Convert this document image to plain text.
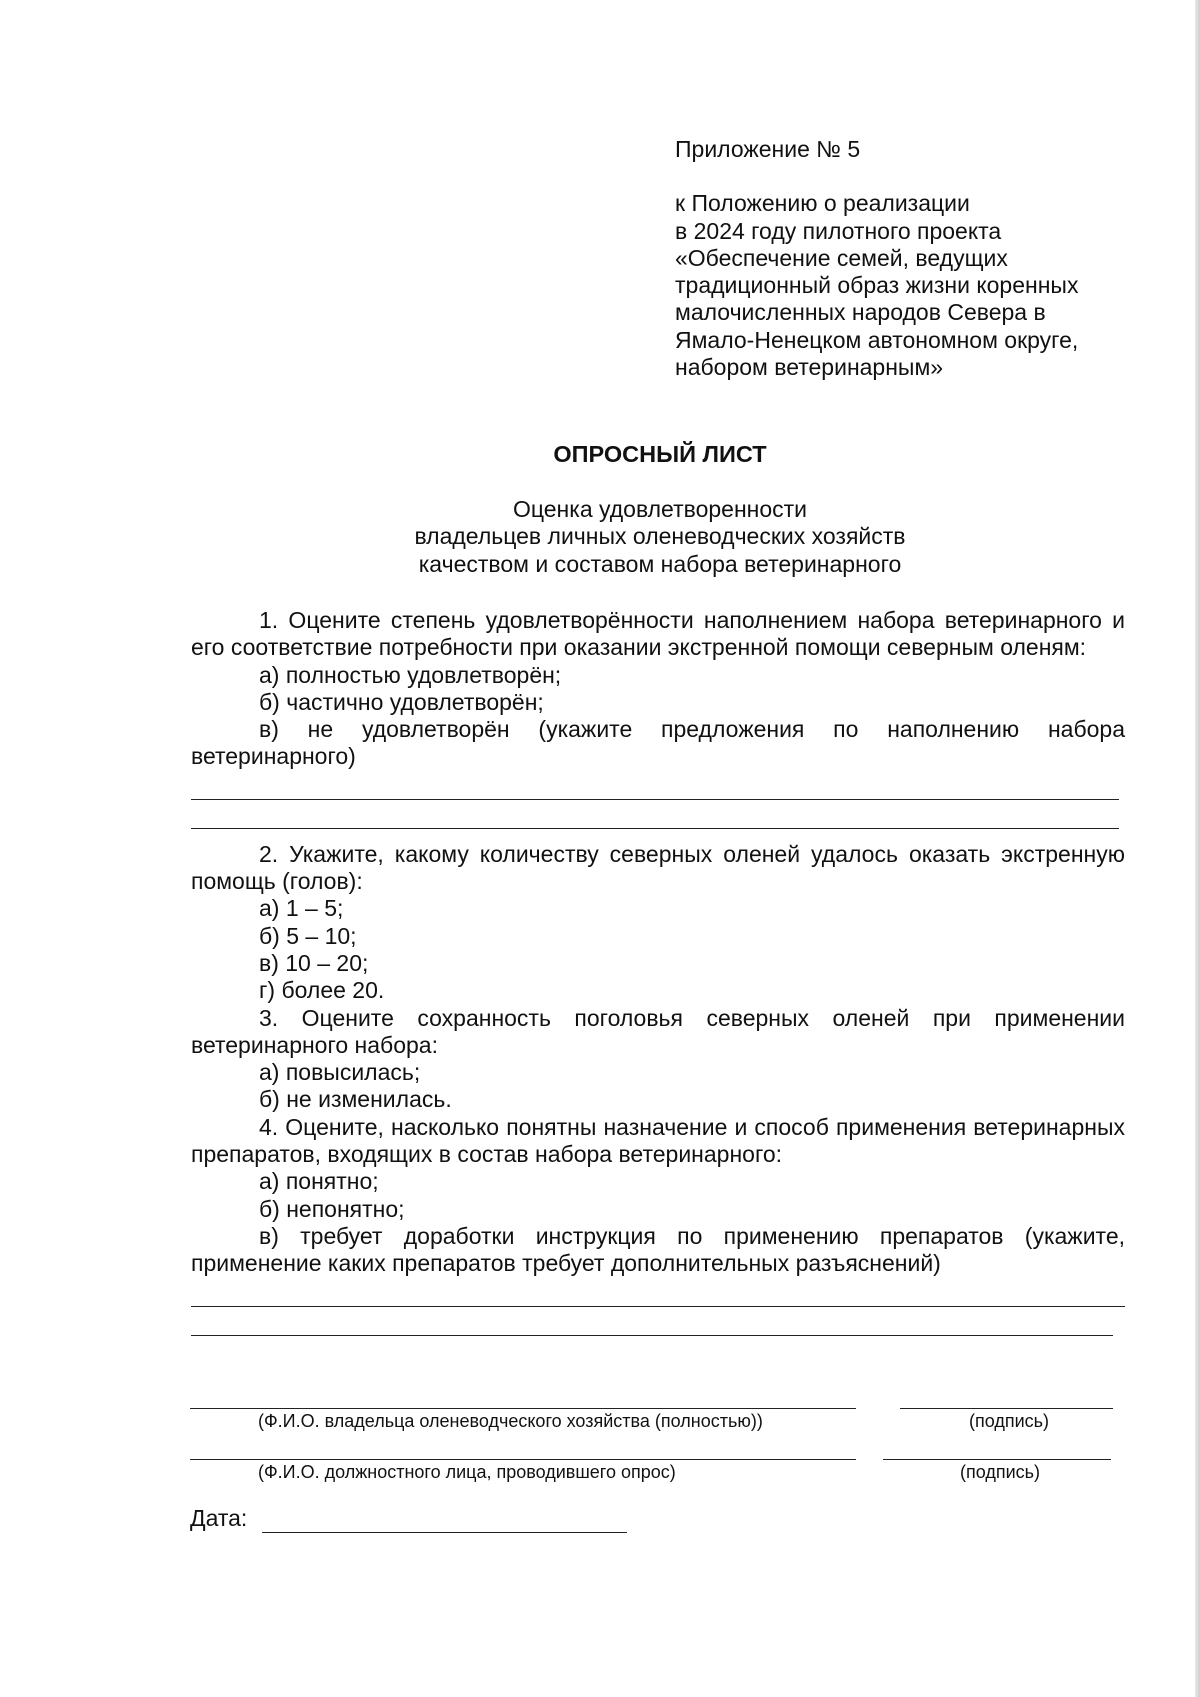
Приложение № 5
к Положению о реализации
в 2024 году пилотного проекта
«Обеспечение семей, ведущих
традиционный образ жизни коренных
малочисленных народов Севера в
Ямало-Ненецком автономном округе,
набором ветеринарным»
ОПРОСНЫЙ ЛИСТ
Оценка удовлетворенности
владельцев личных оленеводческих хозяйств
качеством и составом набора ветеринарного

1. Оцените степень удовлетворённости наполнением набора ветеринарного и его соответствие потребности при оказании экстренной помощи северным оленям:

а) полностью удовлетворён;

б) частично удовлетворён;

в) не удовлетворён (укажите предложения по наполнению набора ветеринарного)

2. Укажите, какому количеству северных оленей удалось оказать экстренную помощь (голов):

а) 1 – 5;

б) 5 – 10;

в) 10 – 20;

г) более 20.

3. Оцените сохранность поголовья северных оленей при применении ветеринарного набора:

а) повысилась;

б) не изменилась.

4. Оцените, насколько понятны назначение и способ применения ветеринарных препаратов, входящих в состав набора ветеринарного:

а) понятно;

б) непонятно;

в) требует доработки инструкция по применению препаратов (укажите, применение каких препаратов требует дополнительных разъяснений)

(Ф.И.О. владельца оленеводческого хозяйства (полностью))	(подпись)
(Ф.И.О. должностного лица, проводившего опрос)	(подпись)
Дата:
